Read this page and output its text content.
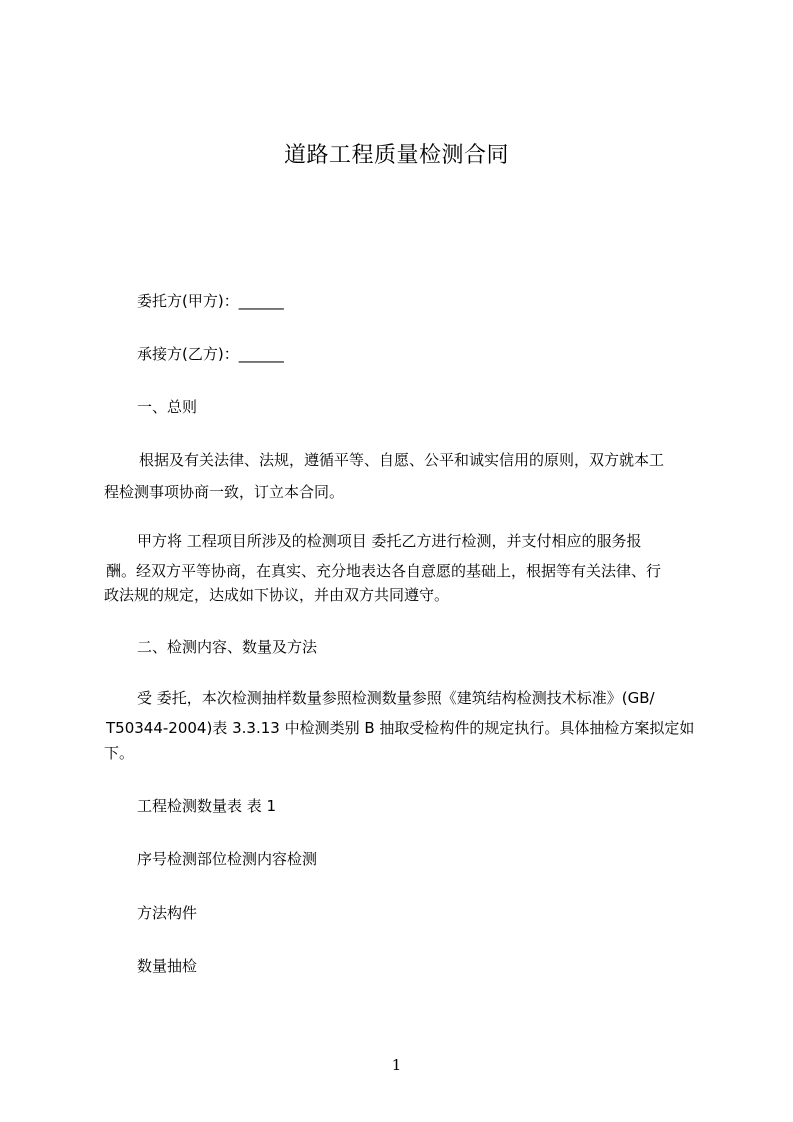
道路工程质量检测合同
委托方(甲方)：______
承接方(乙方)：______
一、总则
根据及有关法律、法规，遵循平等、自愿、公平和诚实信用的原则，双方就本工
程检测事项协商一致，订立本合同。
甲方将 工程项目所涉及的检测项目 委托乙方进行检测，并支付相应的服务报
酬。经双方平等协商，在真实、充分地表达各自意愿的基础上，根据等有关法律、行
政法规的规定，达成如下协议，并由双方共同遵守。
二、检测内容、数量及方法
受 委托，本次检测抽样数量参照检测数量参照《建筑结构检测技术标准》(GB/
T50344-2004)表 3.3.13 中检测类别 B 抽取受检构件的规定执行。具体抽检方案拟定如
下。
工程检测数量表 表 1
序号检测部位检测内容检测
方法构件
数量抽检
1
